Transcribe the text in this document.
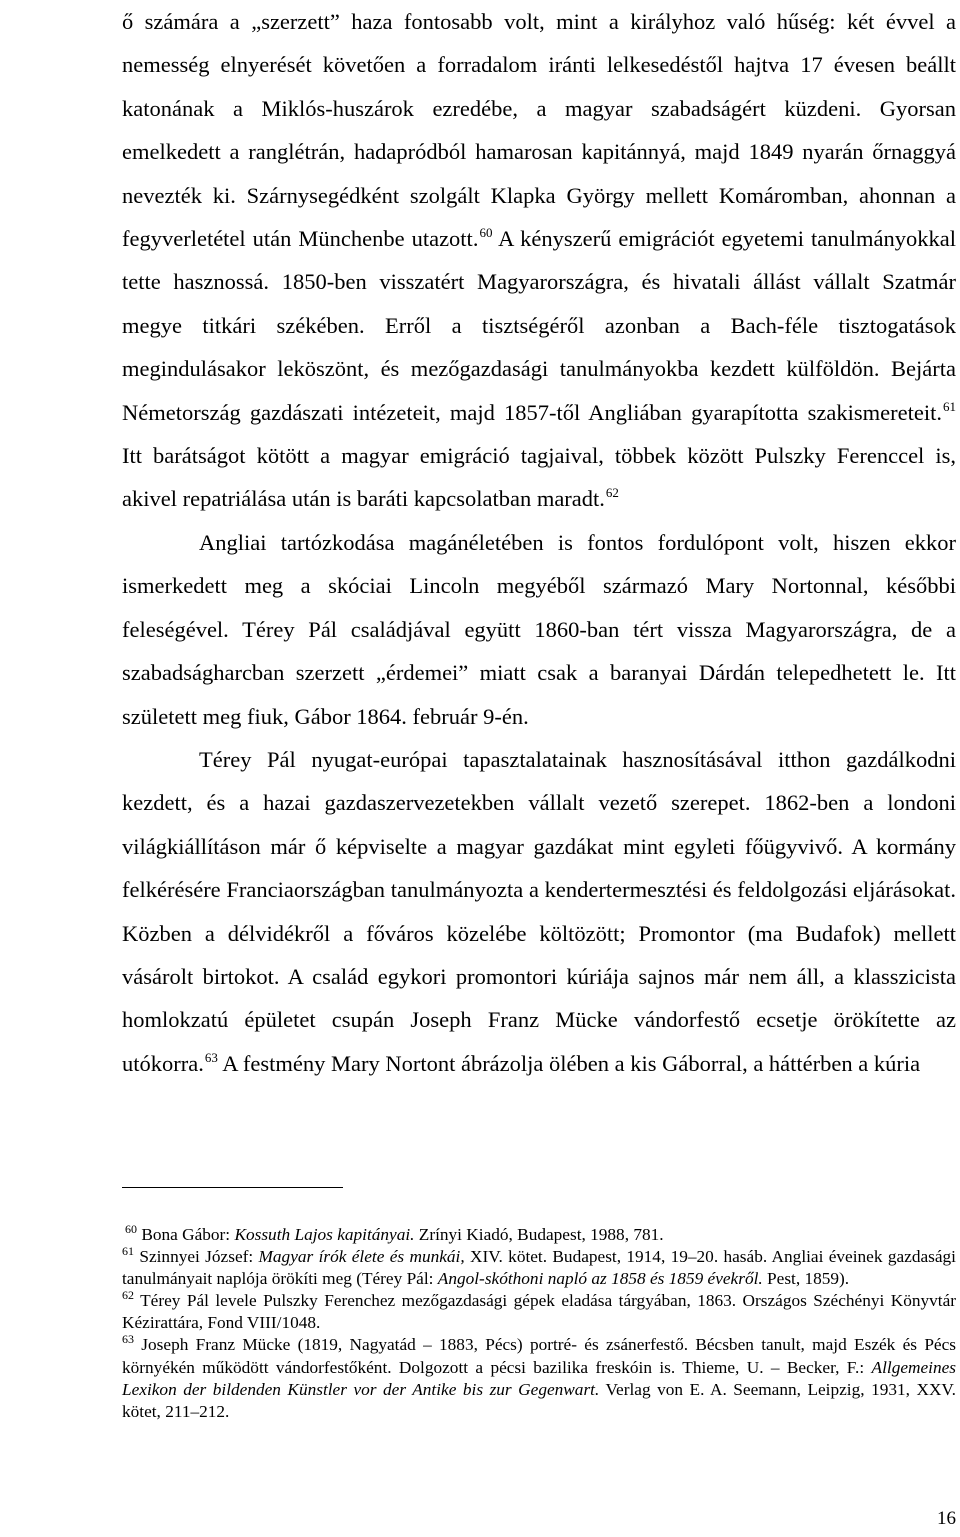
ő számára a „szerzett” haza fontosabb volt, mint a királyhoz való hűség: két évvel a nemesség elnyerését követően a forradalom iránti lelkesedéstől hajtva 17 évesen beállt katonának a Miklós-huszárok ezredébe, a magyar szabadságért küzdeni. Gyorsan emelkedett a ranglétrán, hadapródból hamarosan kapitánnyá, majd 1849 nyarán őrnaggyá nevezték ki. Szárnysegédként szolgált Klapka György mellett Komáromban, ahonnan a fegyverletétel után Münchenbe utazott.$^{60}$ A kényszerű emigrációt egyetemi tanulmányokkal tette hasznossá. 1850-ben visszatért Magyarországra, és hivatali állást vállalt Szatmár megye titkári székében. Erről a tisztségéről azonban a Bach-féle tisztogatások megindulásakor leköszönt, és mezőgazdasági tanulmányokba kezdett külföldön. Bejárta Németország gazdászati intézeteit, majd 1857-től Angliában gyarapította szakismereteit.$^{61}$ Itt barátságot kötött a magyar emigráció tagjaival, többek között Pulszky Ferenccel is, akivel repatriálása után is baráti kapcsolatban maradt.$^{62}$

Angliai tartózkodása magánéletében is fontos fordulópont volt, hiszen ekkor ismerkedett meg a skóciai Lincoln megyéből származó Mary Nortonnal, későbbi feleségével. Térey Pál családjával együtt 1860-ban tért vissza Magyarországra, de a szabadságharcban szerzett „érdemei” miatt csak a baranyai Dárdán telepedhetett le. Itt született meg fiuk, Gábor 1864. február 9-én.

Térey Pál nyugat-európai tapasztalatainak hasznosításával itthon gazdálkodni kezdett, és a hazai gazdaszervezetekben vállalt vezető szerepet. 1862-ben a londoni világkiállításon már ő képviselte a magyar gazdákat mint egyleti főügyvivő. A kormány felkérésére Franciaországban tanulmányozta a kendertermesztési és feldolgozási eljárásokat. Közben a délvidékről a főváros közelébe költözött; Promontor (ma Budafok) mellett vásárolt birtokot. A család egykori promontori kúriája sajnos már nem áll, a klasszicista homlokzatú épületet csupán Joseph Franz Mücke vándorfestő ecsetje örökítette az utókorra.$^{63}$ A festmény Mary Nortont ábrázolja ölében a kis Gáborral, a háttérben a kúria

$^{60}$ Bona Gábor: Kossuth Lajos kapitányai. Zrínyi Kiadó, Budapest, 1988, 781.

$^{61}$ Szinnyei József: Magyar írók élete és munkái, XIV. kötet. Budapest, 1914, 19–20. hasáb. Angliai éveinek gazdasági tanulmányait naplója örökíti meg (Térey Pál: Angol-skóthoni napló az 1858 és 1859 évekről. Pest, 1859).

$^{62}$ Térey Pál levele Pulszky Ferenchez mezőgazdasági gépek eladása tárgyában, 1863. Országos Széchényi Könyvtár Kézirattára, Fond VIII/1048.

$^{63}$ Joseph Franz Mücke (1819, Nagyatád – 1883, Pécs) portré- és zsánerfestő. Bécsben tanult, majd Eszék és Pécs környékén működött vándorfestőként. Dolgozott a pécsi bazilika freskóin is. Thieme, U. – Becker, F.: Allgemeines Lexikon der bildenden Künstler vor der Antike bis zur Gegenwart. Verlag von E. A. Seemann, Leipzig, 1931, XXV. kötet, 211–212.

16
